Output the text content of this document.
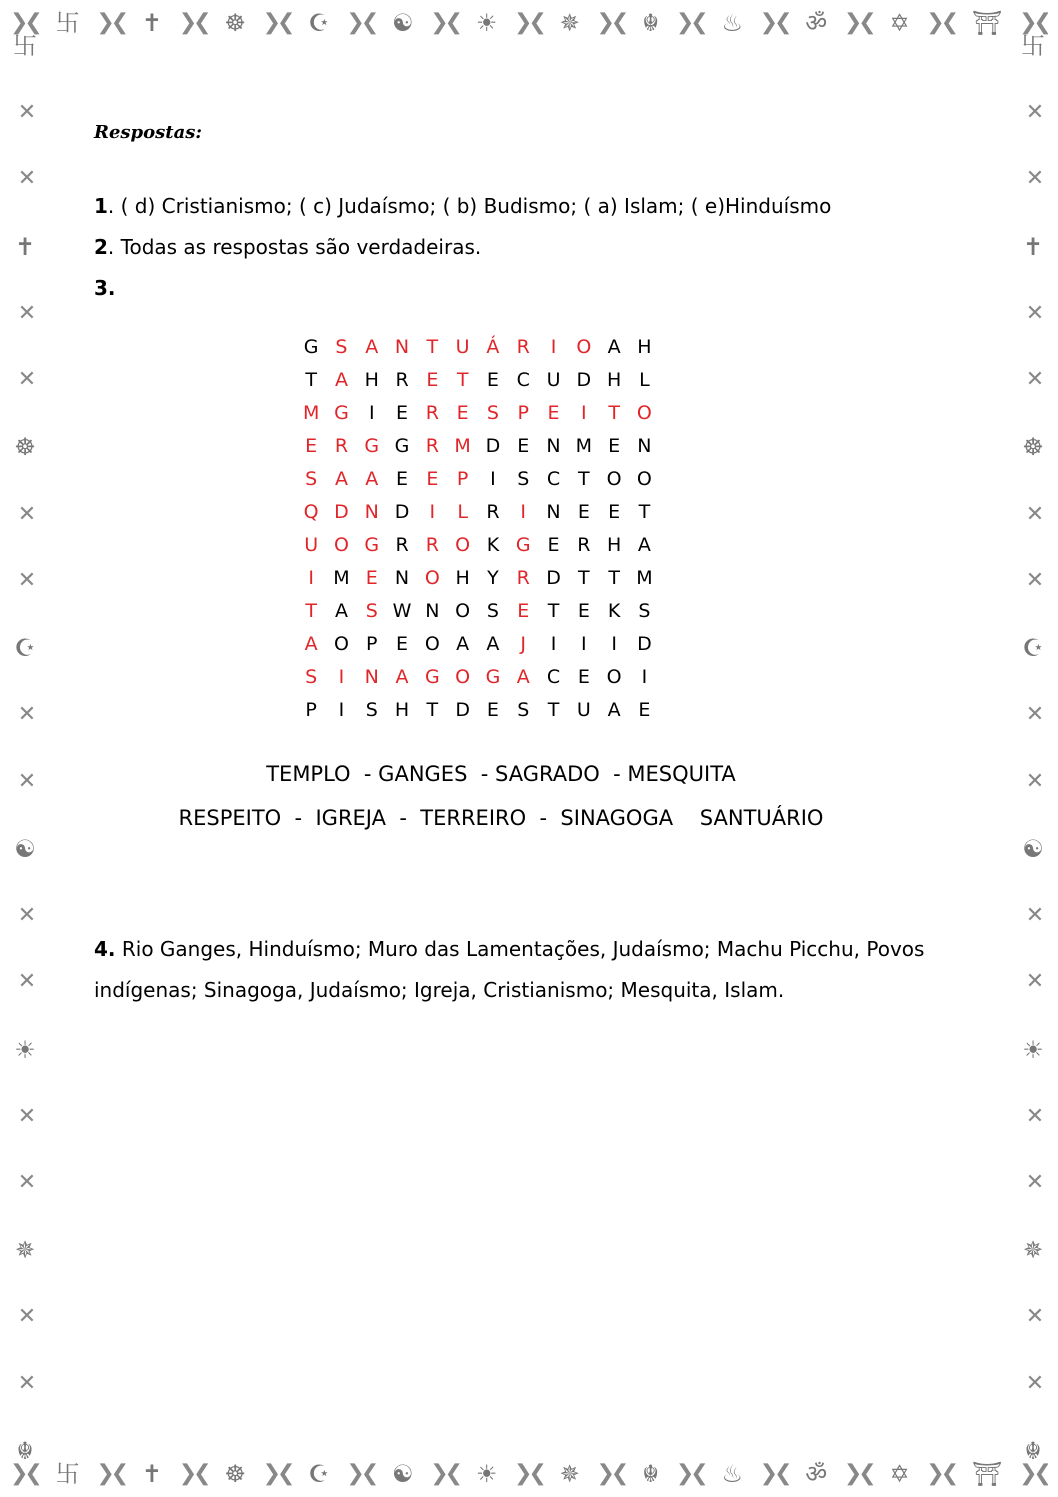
❯❮ 卐 ❯❮ ✝ ❯❮ ☸ ❯❮ ☪ ❯❮ ☯ ❯❮ ☀ ❯❮ ✵ ❯❮ ☬ ❯❮ ♨ ❯❮ ॐ ❯❮ ✡ ❯❮ ⛩ ❯❮
❯❮ 卐 ❯❮ ✝ ❯❮ ☸ ❯❮ ☪ ❯❮ ☯ ❯❮ ☀ ❯❮ ✵ ❯❮ ☬ ❯❮ ♨ ❯❮ ॐ ❯❮ ✡ ❯❮ ⛩ ❯❮
卐
✕
✕
✝
✕
✕
☸
✕
✕
☪
✕
✕
☯
✕
✕
☀
✕
✕
✵
✕
✕
☬
卐
✕
✕
✝
✕
✕
☸
✕
✕
☪
✕
✕
☯
✕
✕
☀
✕
✕
✵
✕
✕
☬
Respostas:
1. ( d) Cristianismo; ( c) Judaísmo; ( b) Budismo; ( a) Islam; ( e)Hinduísmo
2. Todas as respostas são verdadeiras.
3.
G S A N T U Á R	I	O A H
T A H R E T E C U D H L
M G	I	E R E S P E	I	T O
E R G G R M D E N M E N
S A A E E P	I	S C T O O
Q D N D	I	L R	I	N E E T
U O G R R O K G E R H A
I	M E N O H Y R D T T M
T A S W N O S E T E K S
A O P E O A A	J	I	I	I	D
S	I	N A G O G A C E O	I
P	I	S H T D E S T U A E
TEMPLO  - GANGES  - SAGRADO  - MESQUITA
RESPEITO  -  IGREJA  -  TERREIRO  -  SINAGOGA    SANTUÁRIO
4. Rio Ganges, Hinduísmo; Muro das Lamentações, Judaísmo; Machu Picchu, Povos indígenas; Sinagoga, Judaísmo; Igreja, Cristianismo; Mesquita, Islam.
